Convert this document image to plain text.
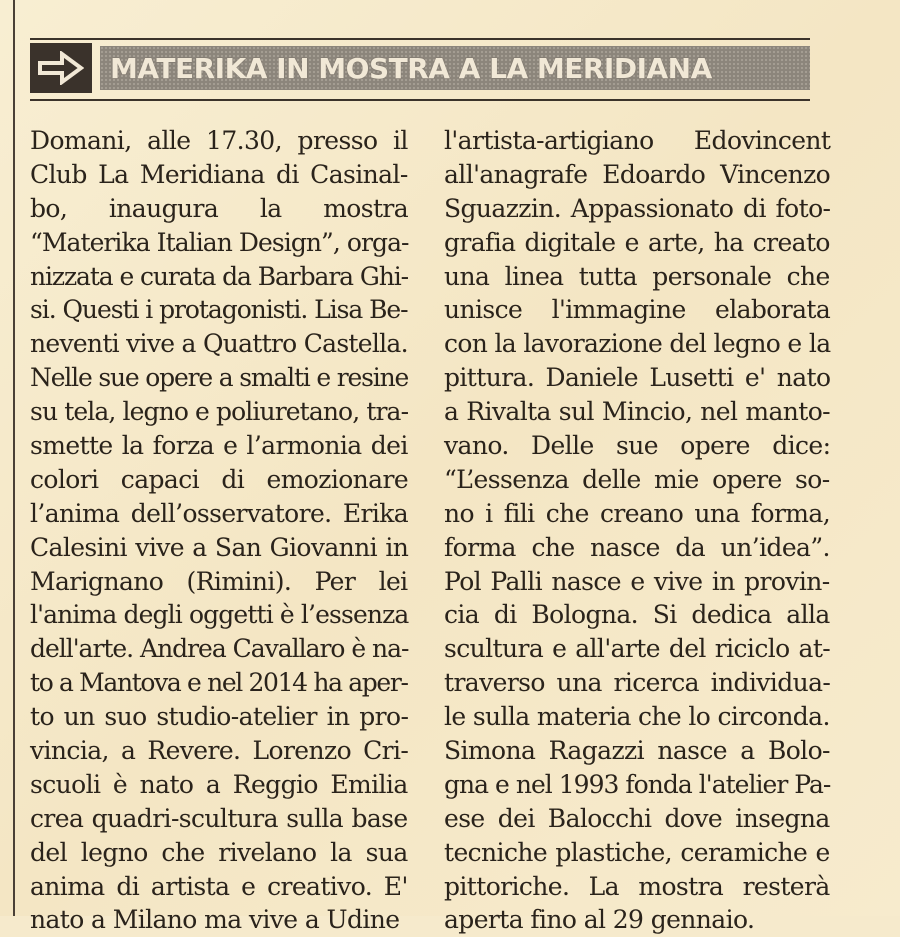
MATERIKA IN MOSTRA A LA MERIDIANA
Domani, alle 17.30, presso il
Club La Meridiana di Casinal-
bo, inaugura la mostra
“Materika Italian Design”, orga-
nizzata e curata da Barbara Ghi-
si. Questi i protagonisti. Lisa Be-
neventi vive a Quattro Castella.
Nelle sue opere a smalti e resine
su tela, legno e poliuretano, tra-
smette la forza e l’armonia dei
colori capaci di emozionare
l’anima dell’osservatore. Erika
Calesini vive a San Giovanni in
Marignano (Rimini). Per lei
l'anima degli oggetti è l’essenza
dell'arte. Andrea Cavallaro è na-
to a Mantova e nel 2014 ha aper-
to un suo studio-atelier in pro-
vincia, a Revere. Lorenzo Cri-
scuoli è nato a Reggio Emilia
crea quadri-scultura sulla base
del legno che rivelano la sua
anima di artista e creativo. E'
nato a Milano ma vive a Udine
l'artista-artigiano Edovincent
all'anagrafe Edoardo Vincenzo
Sguazzin. Appassionato di foto-
grafia digitale e arte, ha creato
una linea tutta personale che
unisce l'immagine elaborata
con la lavorazione del legno e la
pittura. Daniele Lusetti e' nato
a Rivalta sul Mincio, nel manto-
vano. Delle sue opere dice:
“L’essenza delle mie opere so-
no i fili che creano una forma,
forma che nasce da un’idea”.
Pol Palli nasce e vive in provin-
cia di Bologna. Si dedica alla
scultura e all'arte del riciclo at-
traverso una ricerca individua-
le sulla materia che lo circonda.
Simona Ragazzi nasce a Bolo-
gna e nel 1993 fonda l'atelier Pa-
ese dei Balocchi dove insegna
tecniche plastiche, ceramiche e
pittoriche. La mostra resterà
aperta fino al 29 gennaio.
